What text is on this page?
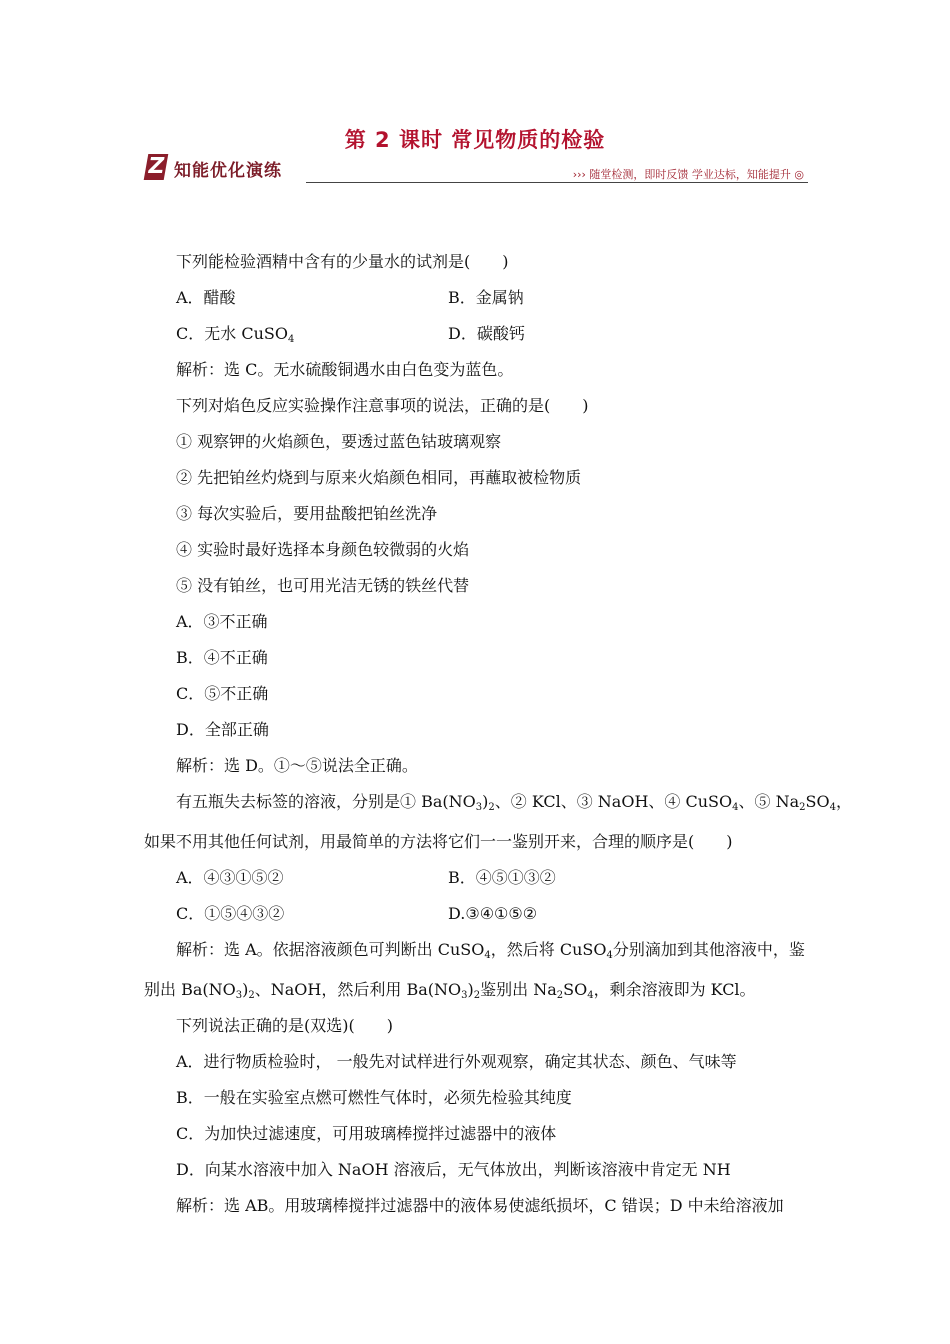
第 2 课时 常见物质的检验
Z 知能优化演练	››› 随堂检测，即时反馈 学业达标，知能提升 ◎
下列能检验酒精中含有的少量水的试剂是(　　)
A．醋酸	B．金属钠
C．无水 CuSO$_4$	D．碳酸钙
解析：选 C。无水硫酸铜遇水由白色变为蓝色。
下列对焰色反应实验操作注意事项的说法，正确的是(　　)
① 观察钾的火焰颜色，要透过蓝色钴玻璃观察
② 先把铂丝灼烧到与原来火焰颜色相同，再蘸取被检物质
③ 每次实验后，要用盐酸把铂丝洗净
④ 实验时最好选择本身颜色较微弱的火焰
⑤ 没有铂丝，也可用光洁无锈的铁丝代替
A．③不正确
B．④不正确
C．⑤不正确
D．全部正确
解析：选 D。①～⑤说法全正确。
有五瓶失去标签的溶液，分别是① $Ba(NO_3)_2$、② KCl、③ NaOH、④ CuSO$_4$、⑤ $Na_2SO_4$，
如果不用其他任何试剂，用最简单的方法将它们一一鉴别开来，合理的顺序是(　　)
A．④③①⑤②	B．④⑤①③②
C．①⑤④③②	D.③④①⑤②
解析：选 A。依据溶液颜色可判断出 CuSO$_4$，然后将 CuSO$_4$分别滴加到其他溶液中，鉴
别出 $Ba(NO_3)_2$、NaOH，然后利用 $Ba(NO_3)_2$鉴别出 $Na_2SO_4$，剩余溶液即为 KCl。
下列说法正确的是(双选)(　　)
A．进行物质检验时， 一般先对试样进行外观观察，确定其状态、颜色、气味等
B．一般在实验室点燃可燃性气体时，必须先检验其纯度
C．为加快过滤速度，可用玻璃棒搅拌过滤器中的液体
D．向某水溶液中加入 NaOH 溶液后，无气体放出，判断该溶液中肯定无 NH
解析：选 AB。用玻璃棒搅拌过滤器中的液体易使滤纸损坏，C 错误；D 中未给溶液加
